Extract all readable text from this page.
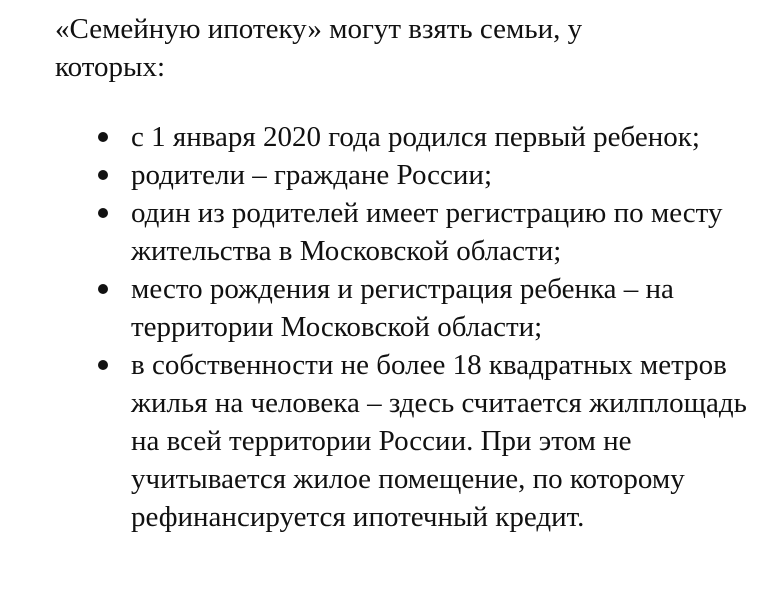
«Семейную ипотеку» могут взять семьи, у которых:

с 1 января 2020 года родился первый ребенок;
родители – граждане России;
один из родителей имеет регистрацию по месту жительства в Московской области;
место рождения и регистрация ребенка – на территории Московской области;
в собственности не более 18 квадратных метров жилья на человека – здесь считается жилплощадь на всей территории России. При этом не учитывается жилое помещение, по которому рефинансируется ипотечный кредит.
